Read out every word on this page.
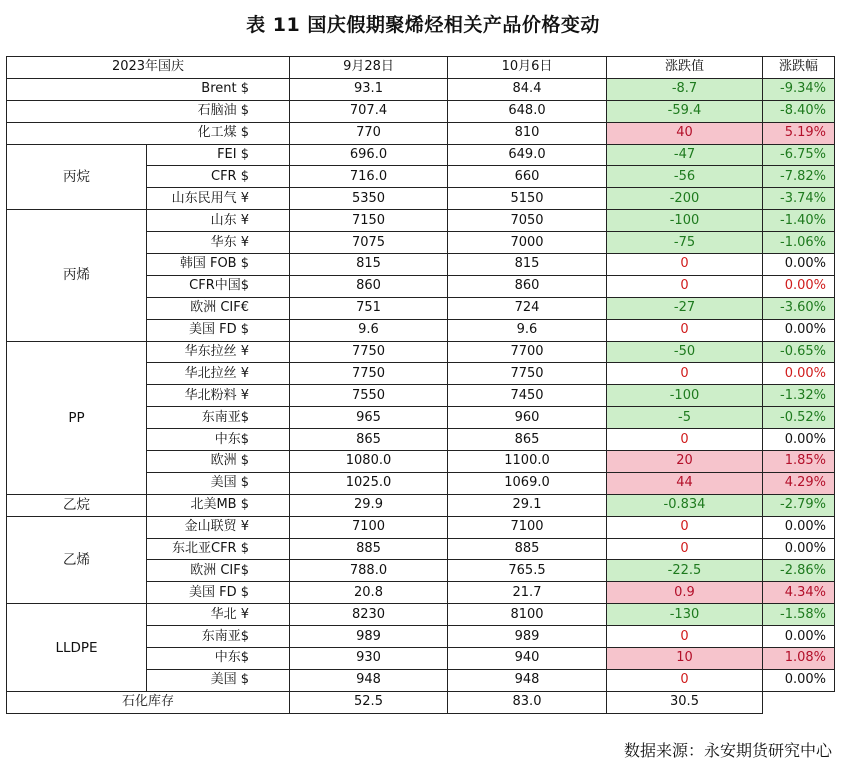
表 11 国庆假期聚烯烃相关产品价格变动
2023年国庆		9月28日	10月6日	涨跌值	涨跌幅
Brent $		93.1	84.4	-8.7	-9.34%
石脑油 $		707.4	648.0	-59.4	-8.40%
化工煤 $		770	810	40	5.19%
丙烷	FEI $	696.0	649.0	-47	-6.75%
	CFR $	716.0	660	-56	-7.82%
	山东民用气 ¥	5350	5150	-200	-3.74%
丙烯	山东 ¥	7150	7050	-100	-1.40%
	华东 ¥	7075	7000	-75	-1.06%
	韩国 FOB $	815	815	0	0.00%
	CFR中国$	860	860	0	0.00%
	欧洲 CIF€	751	724	-27	-3.60%
	美国 FD $	9.6	9.6	0	0.00%
PP	华东拉丝 ¥	7750	7700	-50	-0.65%
	华北拉丝 ¥	7750	7750	0	0.00%
	华北粉料 ¥	7550	7450	-100	-1.32%
	东南亚$	965	960	-5	-0.52%
	中东$	865	865	0	0.00%
	欧洲 $	1080.0	1100.0	20	1.85%
	美国 $	1025.0	1069.0	44	4.29%
乙烷	北美MB $	29.9	29.1	-0.834	-2.79%
乙烯	金山联贸 ¥	7100	7100	0	0.00%
	东北亚CFR $	885	885	0	0.00%
	欧洲 CIF$	788.0	765.5	-22.5	-2.86%
	美国 FD $	20.8	21.7	0.9	4.34%
LLDPE	华北 ¥	8230	8100	-130	-1.58%
	东南亚$	989	989	0	0.00%
	中东$	930	940	10	1.08%
	美国 $	948	948	0	0.00%
石化库存		52.5	83.0	30.5	
数据来源：永安期货研究中心
